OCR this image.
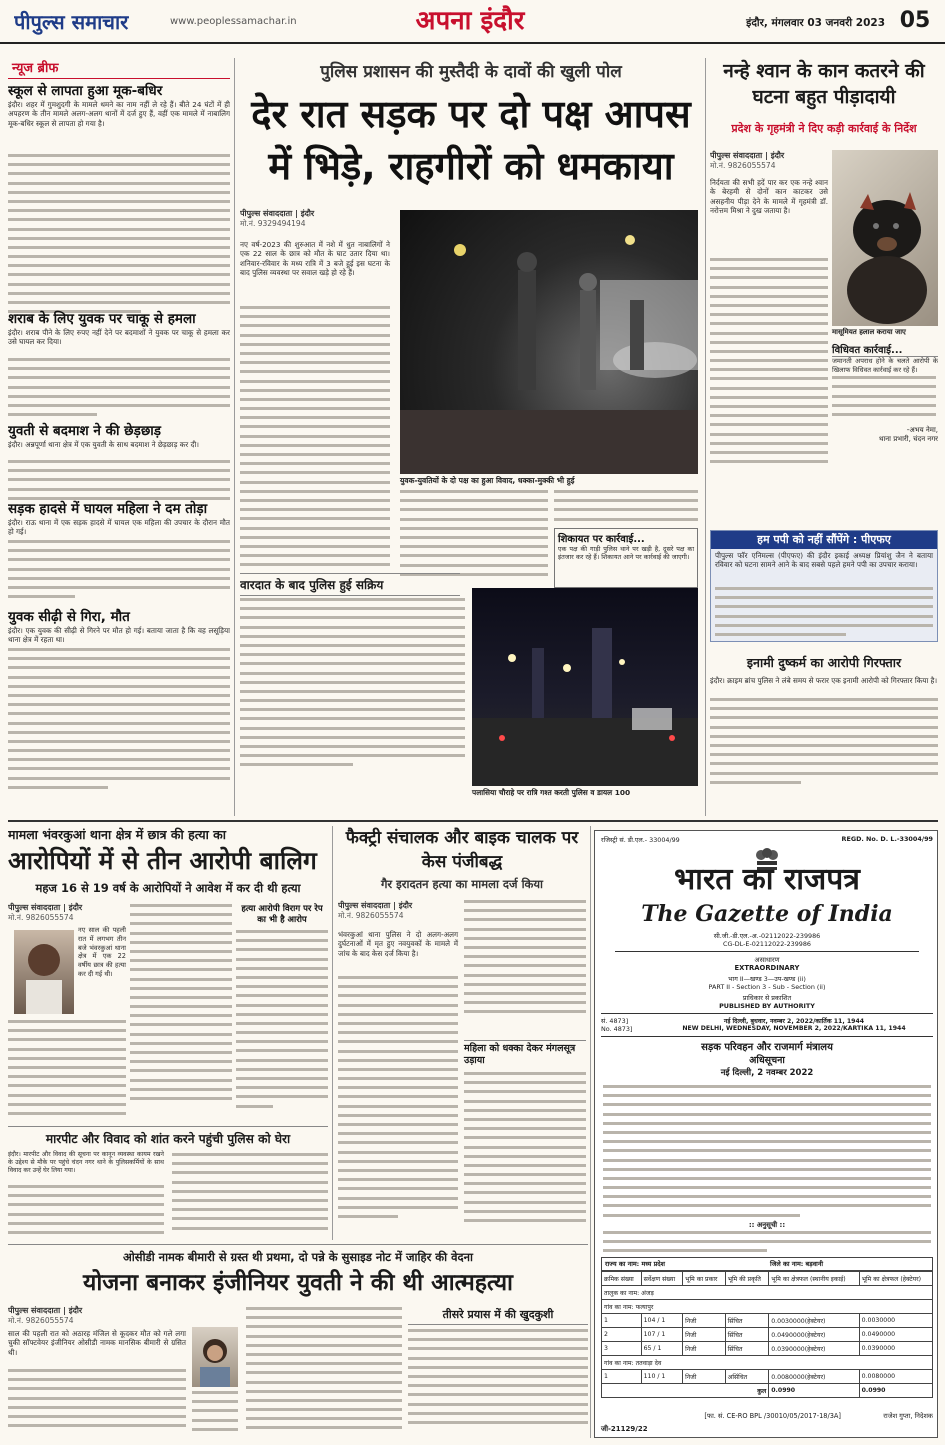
पीपुल्स समाचार	www.peoplessamachar.in	अपना इंदौर	इंदौर, मंगलवार 03 जनवरी 2023 05
न्यूज ब्रीफ
स्कूल से लापता हुआ मूक-बधिर
इंदौर। शहर में गुमशुदगी के मामले थमने का नाम नहीं ले रहे हैं। बीते 24 घंटों में ही अपहरण के तीन मामले अलग-अलग थानों में दर्ज हुए हैं, वहीं एक मामले में नाबालिग मूक-बधिर स्कूल से लापता हो गया है।
शराब के लिए युवक पर चाकू से हमला
इंदौर। शराब पीने के लिए रुपए नहीं देने पर बदमाशों ने युवक पर चाकू से हमला कर उसे घायल कर दिया।
युवती से बदमाश ने की छेड़छाड़
इंदौर। अन्नपूर्णा थाना क्षेत्र में एक युवती के साथ बदमाश ने छेड़छाड़ कर दी।
सड़क हादसे में घायल महिला ने दम तोड़ा
इंदौर। राऊ थाना में एक सड़क हादसे में घायल एक महिला की उपचार के दौरान मौत हो गई।
युवक सीढ़ी से गिरा, मौत
इंदौर। एक युवक की सीढ़ी से गिरने पर मौत हो गई। बताया जाता है कि वह लसूड़िया थाना क्षेत्र में रहता था।
पुलिस प्रशासन की मुस्तैदी के दावों की खुली पोल
देर रात सड़क पर दो पक्ष आपस में भिड़े, राहगीरों को धमकाया
पीपुल्स संवाददाता | इंदौर
मो.नं. 9329494194
नए वर्ष-2023 की शुरुआत में नशे में धुत नाबालिगों ने एक 22 साल के छात्र को मौत के घाट उतार दिया था। शनिवार-रविवार के मध्य रात्रि में 3 बजे हुई इस घटना के बाद पुलिस व्यवस्था पर सवाल खड़े हो रहे हैं।
युवक-युवतियों के दो पक्ष का हुआ विवाद, धक्का-मुक्की भी हुई
शिकायत पर कार्रवाई...
एक पक्ष की गाड़ी पुलिस थाने पर खड़ी है, दूसरे पक्ष का इंतजार कर रहे हैं। शिकायत आने पर कार्रवाई की जाएगी।
वारदात के बाद पुलिस हुई सक्रिय
पलासिया चौराहे पर रात्रि गश्त करती पुलिस व डायल 100
नन्हे श्वान के कान कतरने की घटना बहुत पीड़ादायी
प्रदेश के गृहमंत्री ने दिए कड़ी कार्रवाई के निर्देश
पीपुल्स संवाददाता | इंदौर
मो.नं. 9826055574
निर्दयता की सभी हदें पार कर एक नन्हे श्वान के बेरहमी से दोनों कान काटकर उसे असहनीय पीड़ा देने के मामले में गृहमंत्री डॉ. नरोत्तम मिश्रा ने दुख जताया है।
मासूमियत हलाल कराया जाए
विधिवत कार्रवाई...
जमानती अपराध होने के चलते आरोपी के खिलाफ विधिवत कार्रवाई कर रहे हैं।
-अभय नेमा,
थाना प्रभारी, चंदन नगर
हम पपी को नहीं सौंपेंगे : पीएफए
पीपुल्स फॉर एनिमल्स (पीएफए) की इंदौर इकाई अध्यक्ष प्रियांशु जैन ने बताया रविवार को घटना सामने आने के बाद सबसे पहले हमने पपी का उपचार कराया।
इनामी दुष्कर्म का आरोपी गिरफ्तार
इंदौर। क्राइम ब्रांच पुलिस ने लंबे समय से फरार एक इनामी आरोपी को गिरफ्तार किया है।
मामला भंवरकुआं थाना क्षेत्र में छात्र की हत्या का
आरोपियों में से तीन आरोपी बालिग
महज 16 से 19 वर्ष के आरोपियों ने आवेश में कर दी थी हत्या
पीपुल्स संवाददाता | इंदौर
मो.नं. 9826055574
नए साल की पहली रात में लगभग तीन बजे भंवरकुआं थाना क्षेत्र में एक 22 वर्षीय छात्र की हत्या कर दी गई थी।
हत्या आरोपी विराग पर रेप का भी है आरोप
मारपीट और विवाद को शांत करने पहुंची पुलिस को घेरा
इंदौर। मारपीट और विवाद की सूचना पर कानून व्यवस्था कायम रखने के उद्देश्य से मौके पर पहुंचे चंदन नगर थाने के पुलिसकर्मियों के साथ विवाद कर उन्हें घेर लिया गया।
फैक्ट्री संचालक और बाइक चालक पर केस पंजीबद्ध
गैर इरादतन हत्या का मामला दर्ज किया
पीपुल्स संवाददाता | इंदौर
मो.नं. 9826055574
भंवरकुआं थाना पुलिस ने दो अलग-अलग दुर्घटनाओं में मृत हुए नवयुवकों के मामले में जांच के बाद केस दर्ज किया है।
महिला को धक्का देकर मंगलसूत्र उड़ाया
रजिस्ट्री सं. डी.एल.- 33004/99	REGD. No. D. L.-33004/99
भारत का राजपत्र
The Gazette of India
सी.जी.-डी.एल.-अ.-02112022-239986
CG-DL-E-02112022-239986
असाधारण
EXTRAORDINARY
भाग II—खण्ड 3—उप-खण्ड (ii)
PART II - Section 3 - Sub - Section (ii)
प्राधिकार से प्रकाशित
PUBLISHED BY AUTHORITY
सं. 4873]
No. 4873]
नई दिल्ली, बुधवार, नवम्बर 2, 2022/कार्तिक 11, 1944
NEW DELHI, WEDNESDAY, NOVEMBER 2, 2022/KARTIKA 11, 1944
सड़क परिवहन और राजमार्ग मंत्रालय
अधिसूचना
नई दिल्ली, 2 नवम्बर 2022
:: अनुसूची ::
राज्य का नाम: मध्य प्रदेश	जिले का नाम: बड़वानी
क्रमिक संख्या	सर्वेक्षण संख्या	भूमि का प्रकार	भूमि की प्रकृति	भूमि का क्षेत्रफल (स्थानीय इकाई)	भूमि का क्षेत्रफल (हेक्टेयर)
तालुक का नाम: अंजड़					
गांव का नाम: फत्यापुर					
1	104 / 1	निजी	सिंचित	0.0030000(हेक्टेयर)	0.0030000
2	107 / 1	निजी	सिंचित	0.0490000(हेक्टेयर)	0.0490000
3	65 / 1	निजी	सिंचित	0.0390000(हेक्टेयर)	0.0390000
गांव का नाम: ततवाड़ा देव					
1	110 / 1	निजी	असिंचित	0.0080000(हेक्टेयर)	0.0080000
कुल				0.0990	0.0990
[फा. सं. CE-RO BPL /30010/05/2017-18/3A]	राजेश गुप्ता, निदेशक
जी-21129/22
ओसीडी नामक बीमारी से ग्रस्त थी प्रथमा, दो पन्ने के सुसाइड नोट में जाहिर की वेदना
योजना बनाकर इंजीनियर युवती ने की थी आत्महत्या
पीपुल्स संवाददाता | इंदौर
मो.नं. 9826055574
साल की पहली रात को अठारह मंजिल से कूदकर मौत को गले लगा चुकी सॉफ्टवेयर इंजीनियर ओसीडी नामक मानसिक बीमारी से ग्रसित थी।
तीसरे प्रयास में की खुदकुशी
